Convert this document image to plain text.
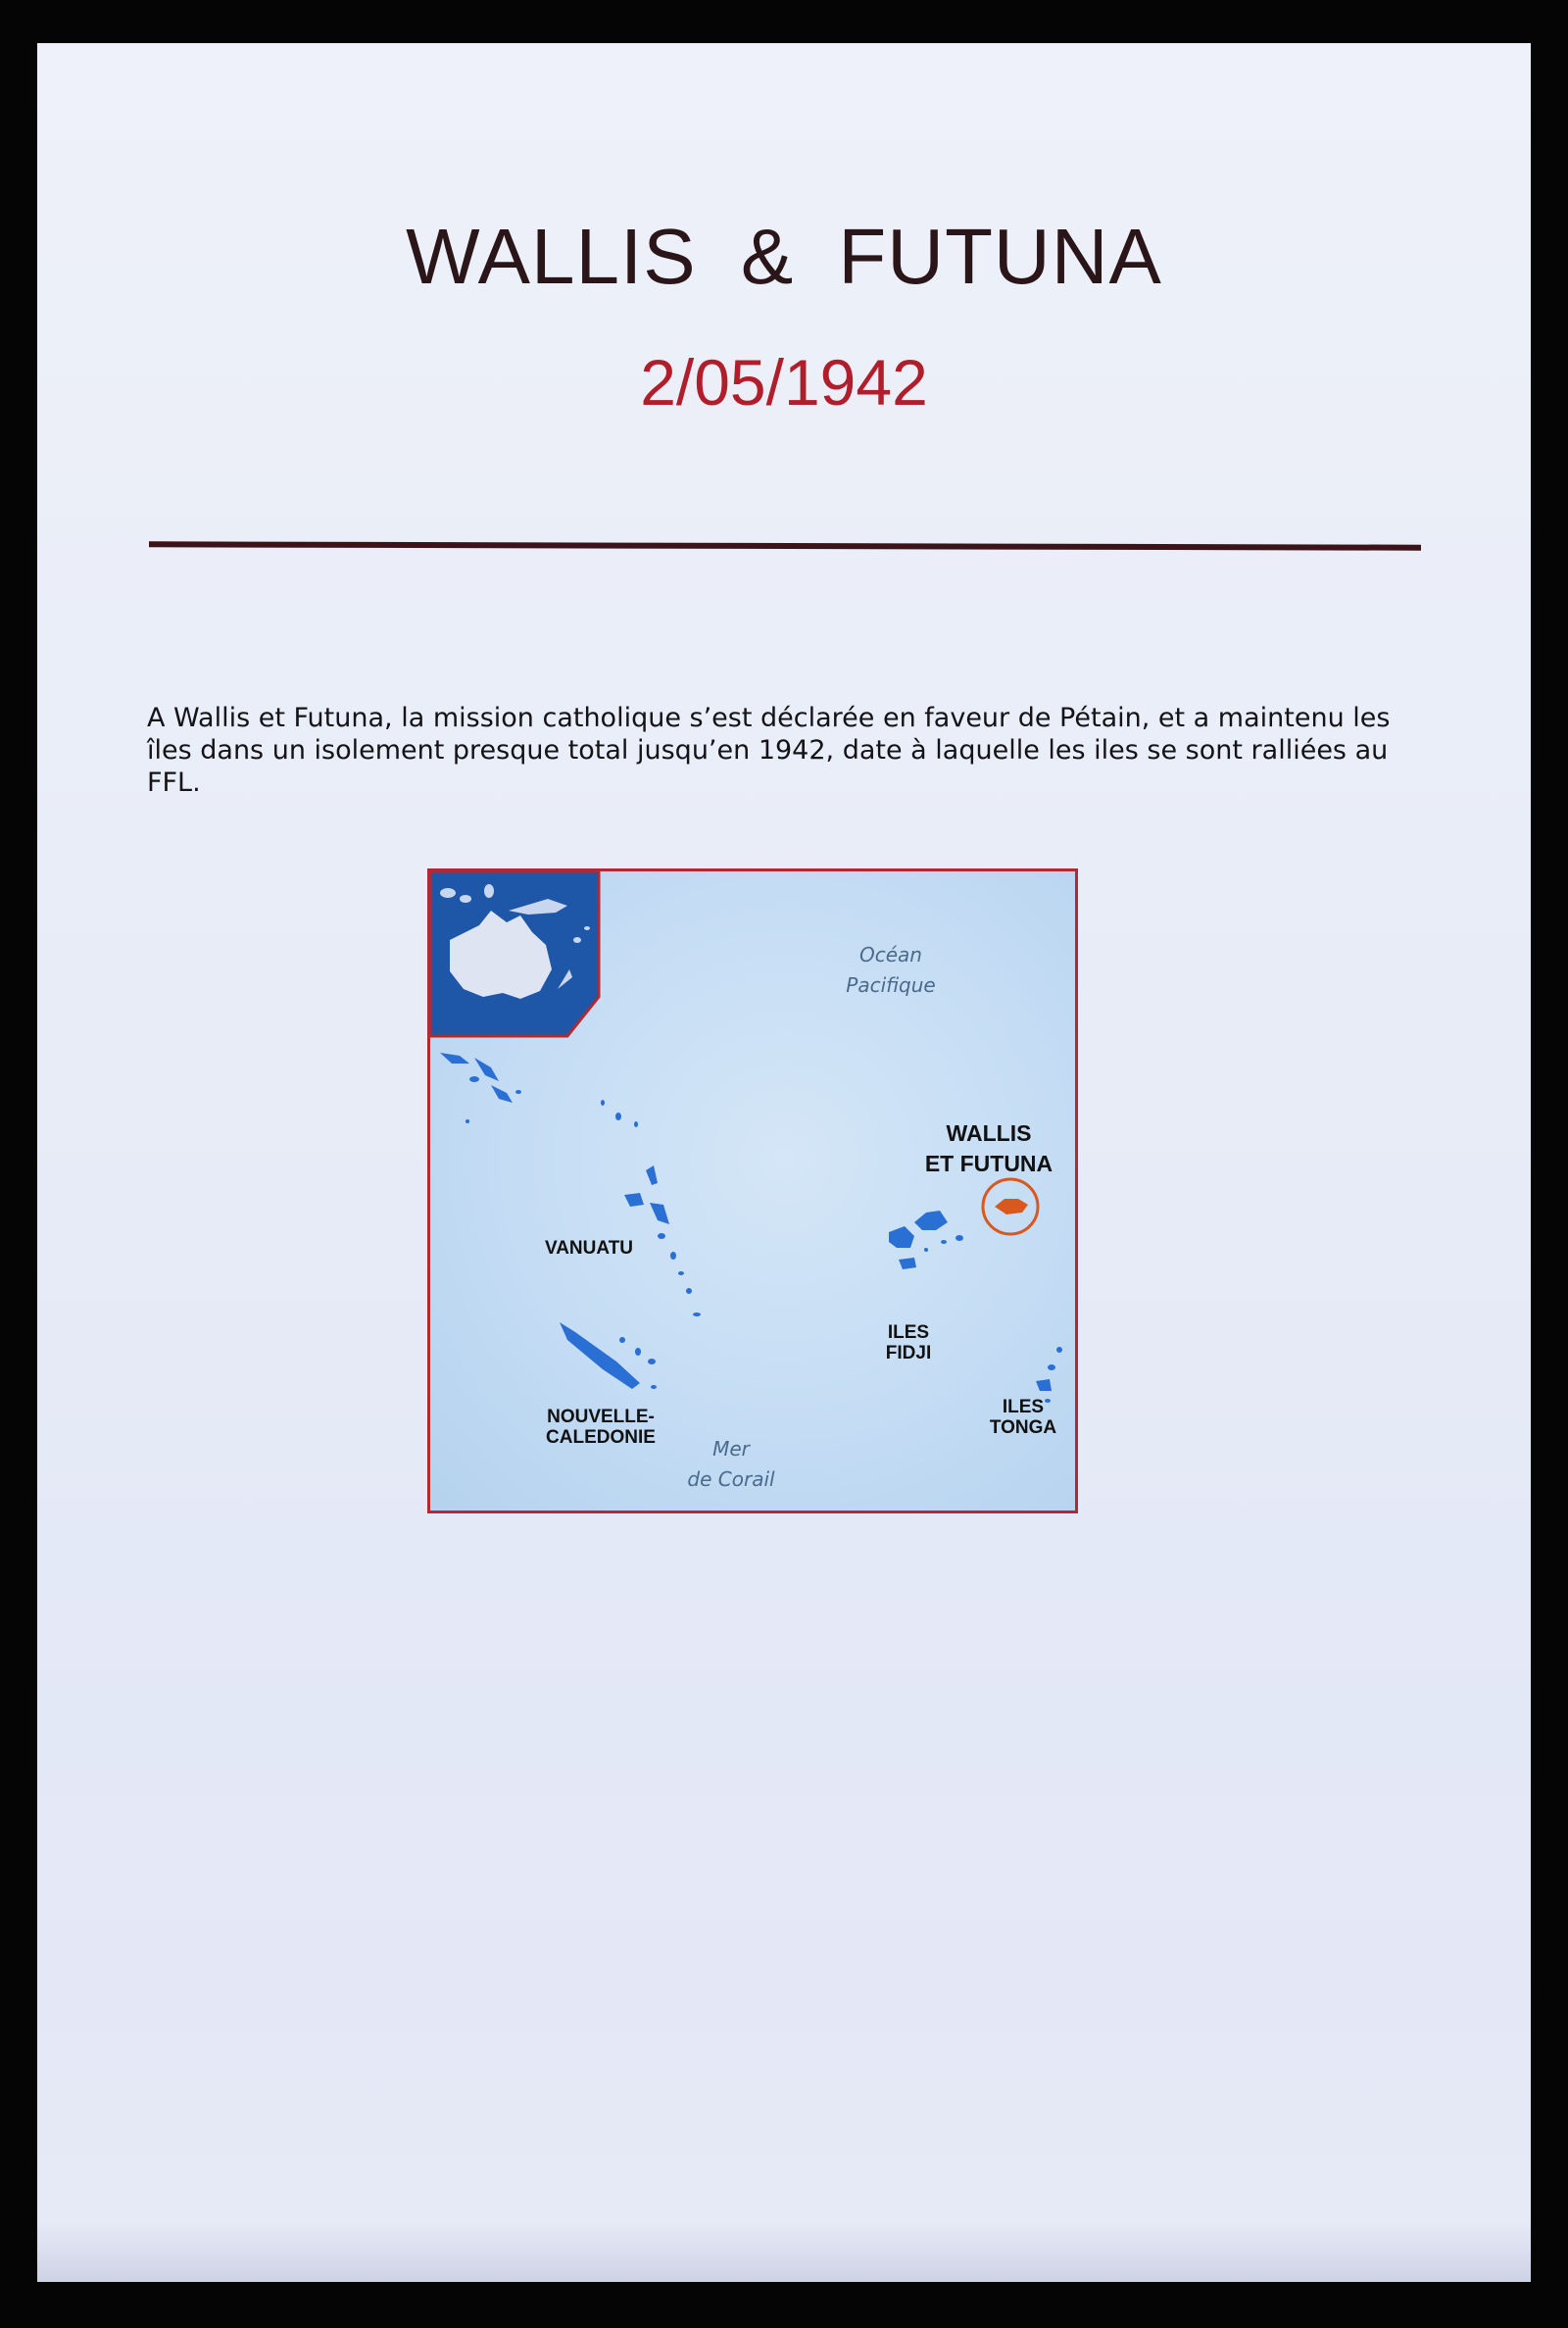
WALLIS & FUTUNA
2/05/1942

A Wallis et Futuna, la mission catholique s’est déclarée en faveur de Pétain, et a maintenu les îles dans un isolement presque total jusqu’en 1942, date à laquelle les iles se sont ralliées au FFL.

Océan
Pacifique
WALLIS
ET FUTUNA
VANUATU
ILES
FIDJI
ILES
TONGA
NOUVELLE-
CALEDONIE	Mer
de Corail
